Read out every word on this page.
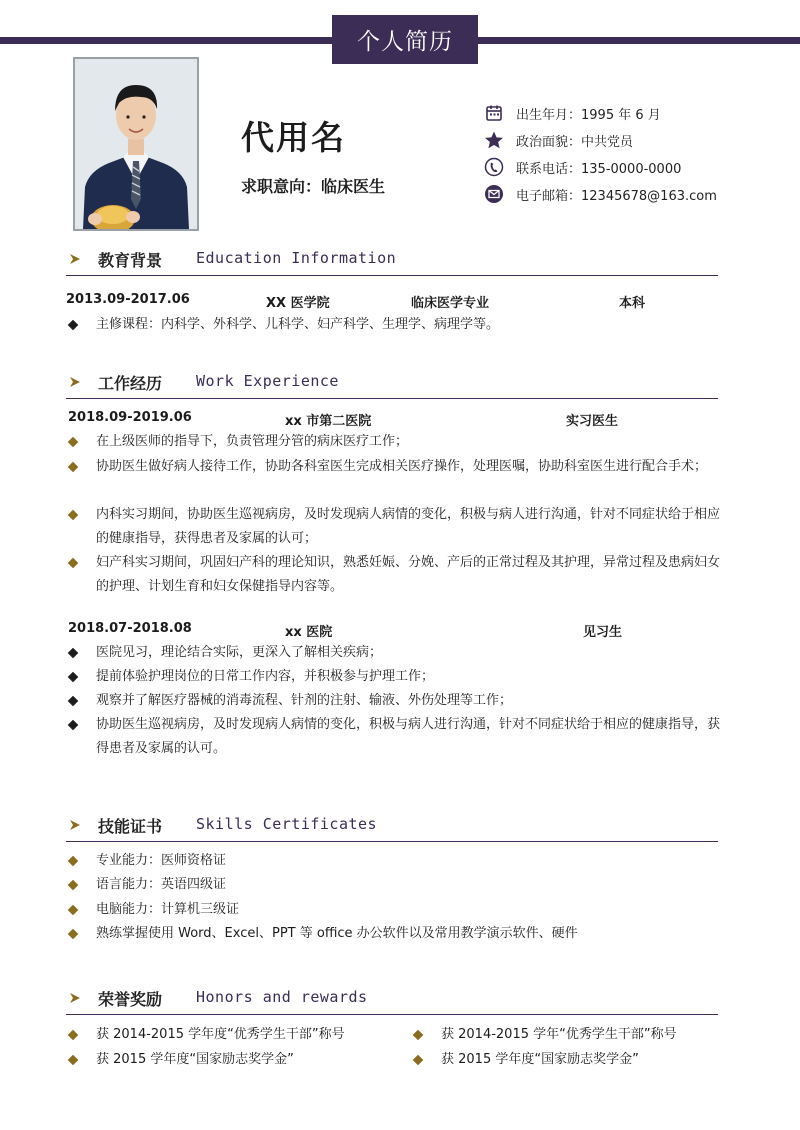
个人简历
代用名
求职意向：临床医生
出生年月：1995 年 6 月
政治面貌：中共党员
联系电话：135-0000-0000
电子邮箱：12345678@163.com
教育背景 Education Information
2013.09-2017.06	XX 医学院	临床医学专业	本科
主修课程：内科学、外科学、儿科学、妇产科学、生理学、病理学等。
工作经历 Work Experience
2018.09-2019.06	xx 市第二医院	实习医生
在上级医师的指导下，负责管理分管的病床医疗工作；
协助医生做好病人接待工作，协助各科室医生完成相关医疗操作，处理医嘱，协助科室医生进行配合手术；
内科实习期间，协助医生巡视病房，及时发现病人病情的变化，积极与病人进行沟通，针对不同症状给于相应的健康指导，获得患者及家属的认可；
妇产科实习期间，巩固妇产科的理论知识，熟悉妊娠、分娩、产后的正常过程及其护理，异常过程及患病妇女的护理、计划生育和妇女保健指导内容等。
2018.07-2018.08	xx 医院	见习生
医院见习，理论结合实际，更深入了解相关疾病；
提前体验护理岗位的日常工作内容，并积极参与护理工作；
观察并了解医疗器械的消毒流程、针剂的注射、输液、外伤处理等工作；
协助医生巡视病房，及时发现病人病情的变化，积极与病人进行沟通，针对不同症状给于相应的健康指导，获得患者及家属的认可。
技能证书 Skills Certificates
专业能力：医师资格证
语言能力：英语四级证
电脑能力：计算机三级证
熟练掌握使用 Word、Excel、PPT 等 office 办公软件以及常用教学演示软件、硬件
荣誉奖励 Honors and rewards
获 2014-2015 学年度“优秀学生干部”称号	获 2014-2015 学年“优秀学生干部”称号
获 2015 学年度“国家励志奖学金”	获 2015 学年度“国家励志奖学金”
